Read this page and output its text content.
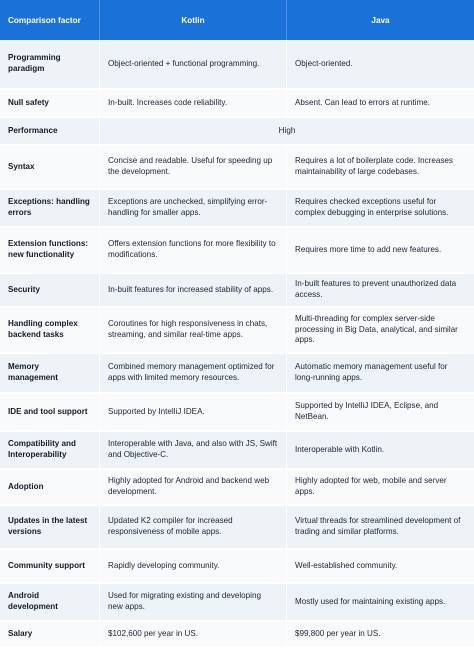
Comparison factor	Kotlin	Java
Programming paradigm	Object-oriented + functional programming.	Object-oriented.
Null safety	In-built. Increases code reliability.	Absent. Can lead to errors at runtime.
Performance	High	
Syntax	Concise and readable. Useful for speeding up the development.	Requires a lot of boilerplate code. Increases maintainability of large codebases.
Exceptions: handling errors	Exceptions are unchecked, simplifying error-handling for smaller apps.	Requires checked exceptions useful for complex debugging in enterprise solutions.
Extension functions: new functionality	Offers extension functions for more flexibility to modifications.	Requires more time to add new features.
Security	In-built features for increased stability of apps.	In-built features to prevent unauthorized data access.
Handling complex backend tasks	Coroutines for high responsiveness in chats, streaming, and similar real-time apps.	Multi-threading for complex server-side processing in Big Data, analytical, and similar apps.
Memory management	Combined memory management optimized for apps with limited memory resources.	Automatic memory management useful for long-running apps.
IDE and tool support	Supported by IntelliJ IDEA.	Supported by IntelliJ IDEA, Eclipse, and NetBean.
Compatibility and Interoperability	Interoperable with Java, and also with JS, Swift and Objective-C.	Interoperable with Kotlin.
Adoption	Highly adopted for Android and backend web development.	Highly adopted for web, mobile and server apps.
Updates in the latest versions	Updated K2 compiler for increased responsiveness of mobile apps.	Virtual threads for streamlined development of trading and similar platforms.
Community support	Rapidly developing community.	Well-established community.
Android development	Used for migrating existing and developing new apps.	Mostly used for maintaining existing apps.
Salary	$102,600 per year in US.	$99,800 per year in US.
